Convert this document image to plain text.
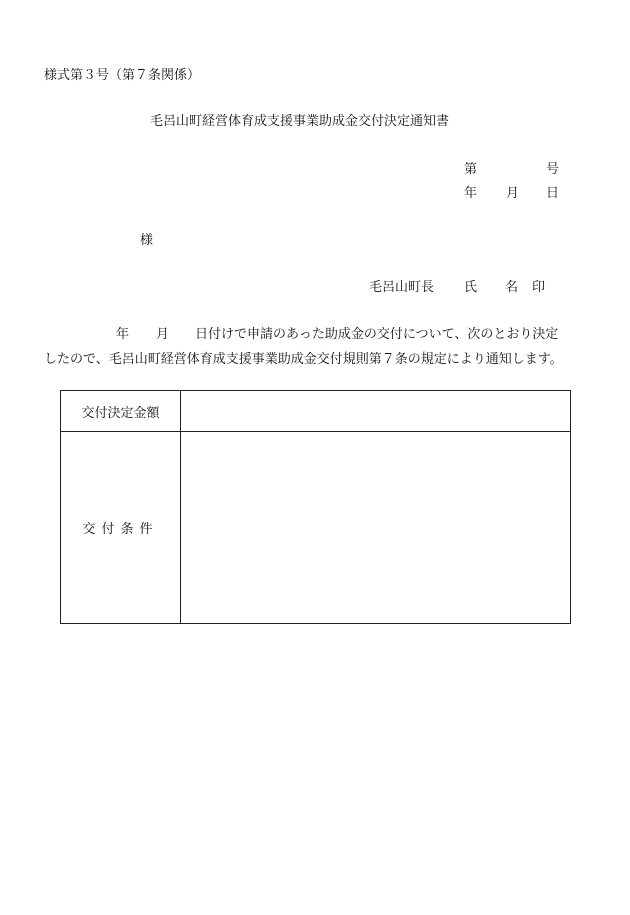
様式第３号（第７条関係）
毛呂山町経営体育成支援事業助成金交付決定通知書
第	号
年 月 日
様
毛呂山町長 氏 名 印
年 月 日付けで申請のあった助成金の交付について、次のとおり決定
したので、毛呂山町経営体育成支援事業助成金交付規則第７条の規定により通知します。
交付決定金額	
交付条件	
